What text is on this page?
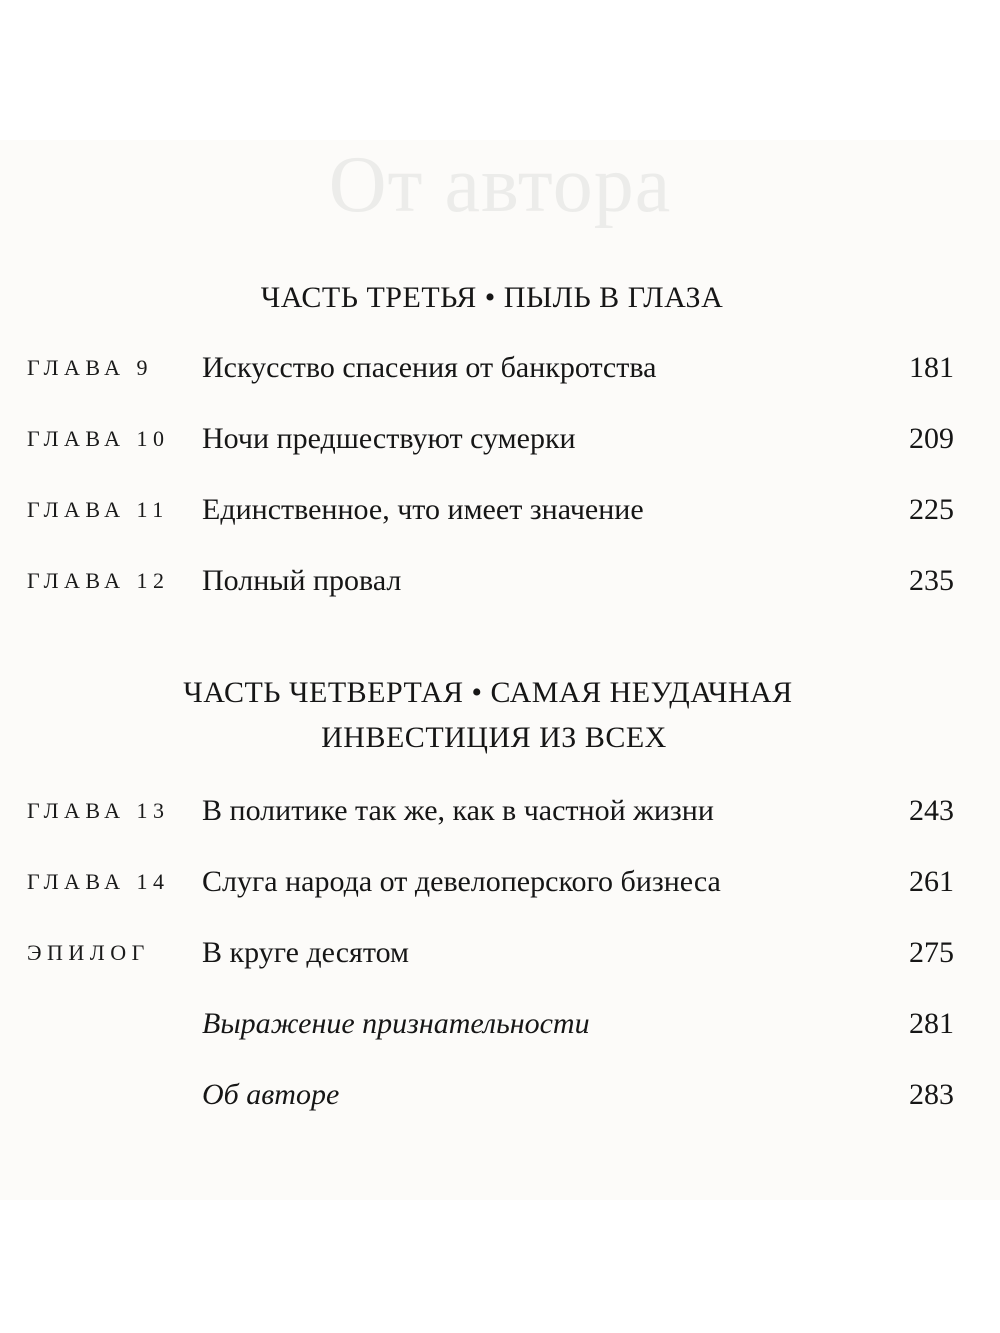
От автора
ЧАСТЬ ТРЕТЬЯ • ПЫЛЬ В ГЛАЗА
ГЛАВА 9 Искусство спасения от банкротства	181
ГЛАВА 10 Ночи предшествуют сумерки	209
ГЛАВА 11 Единственное, что имеет значение	225
ГЛАВА 12 Полный провал	235
ЧАСТЬ ЧЕТВЕРТАЯ • САМАЯ НЕУДАЧНАЯ
ИНВЕСТИЦИЯ ИЗ ВСЕХ
ГЛАВА 13 В политике так же, как в частной жизни	243
ГЛАВА 14 Слуга народа от девелоперского бизнеса	261
ЭПИЛОГ В круге десятом	275
Выражение признательности	281
Об авторе	283
